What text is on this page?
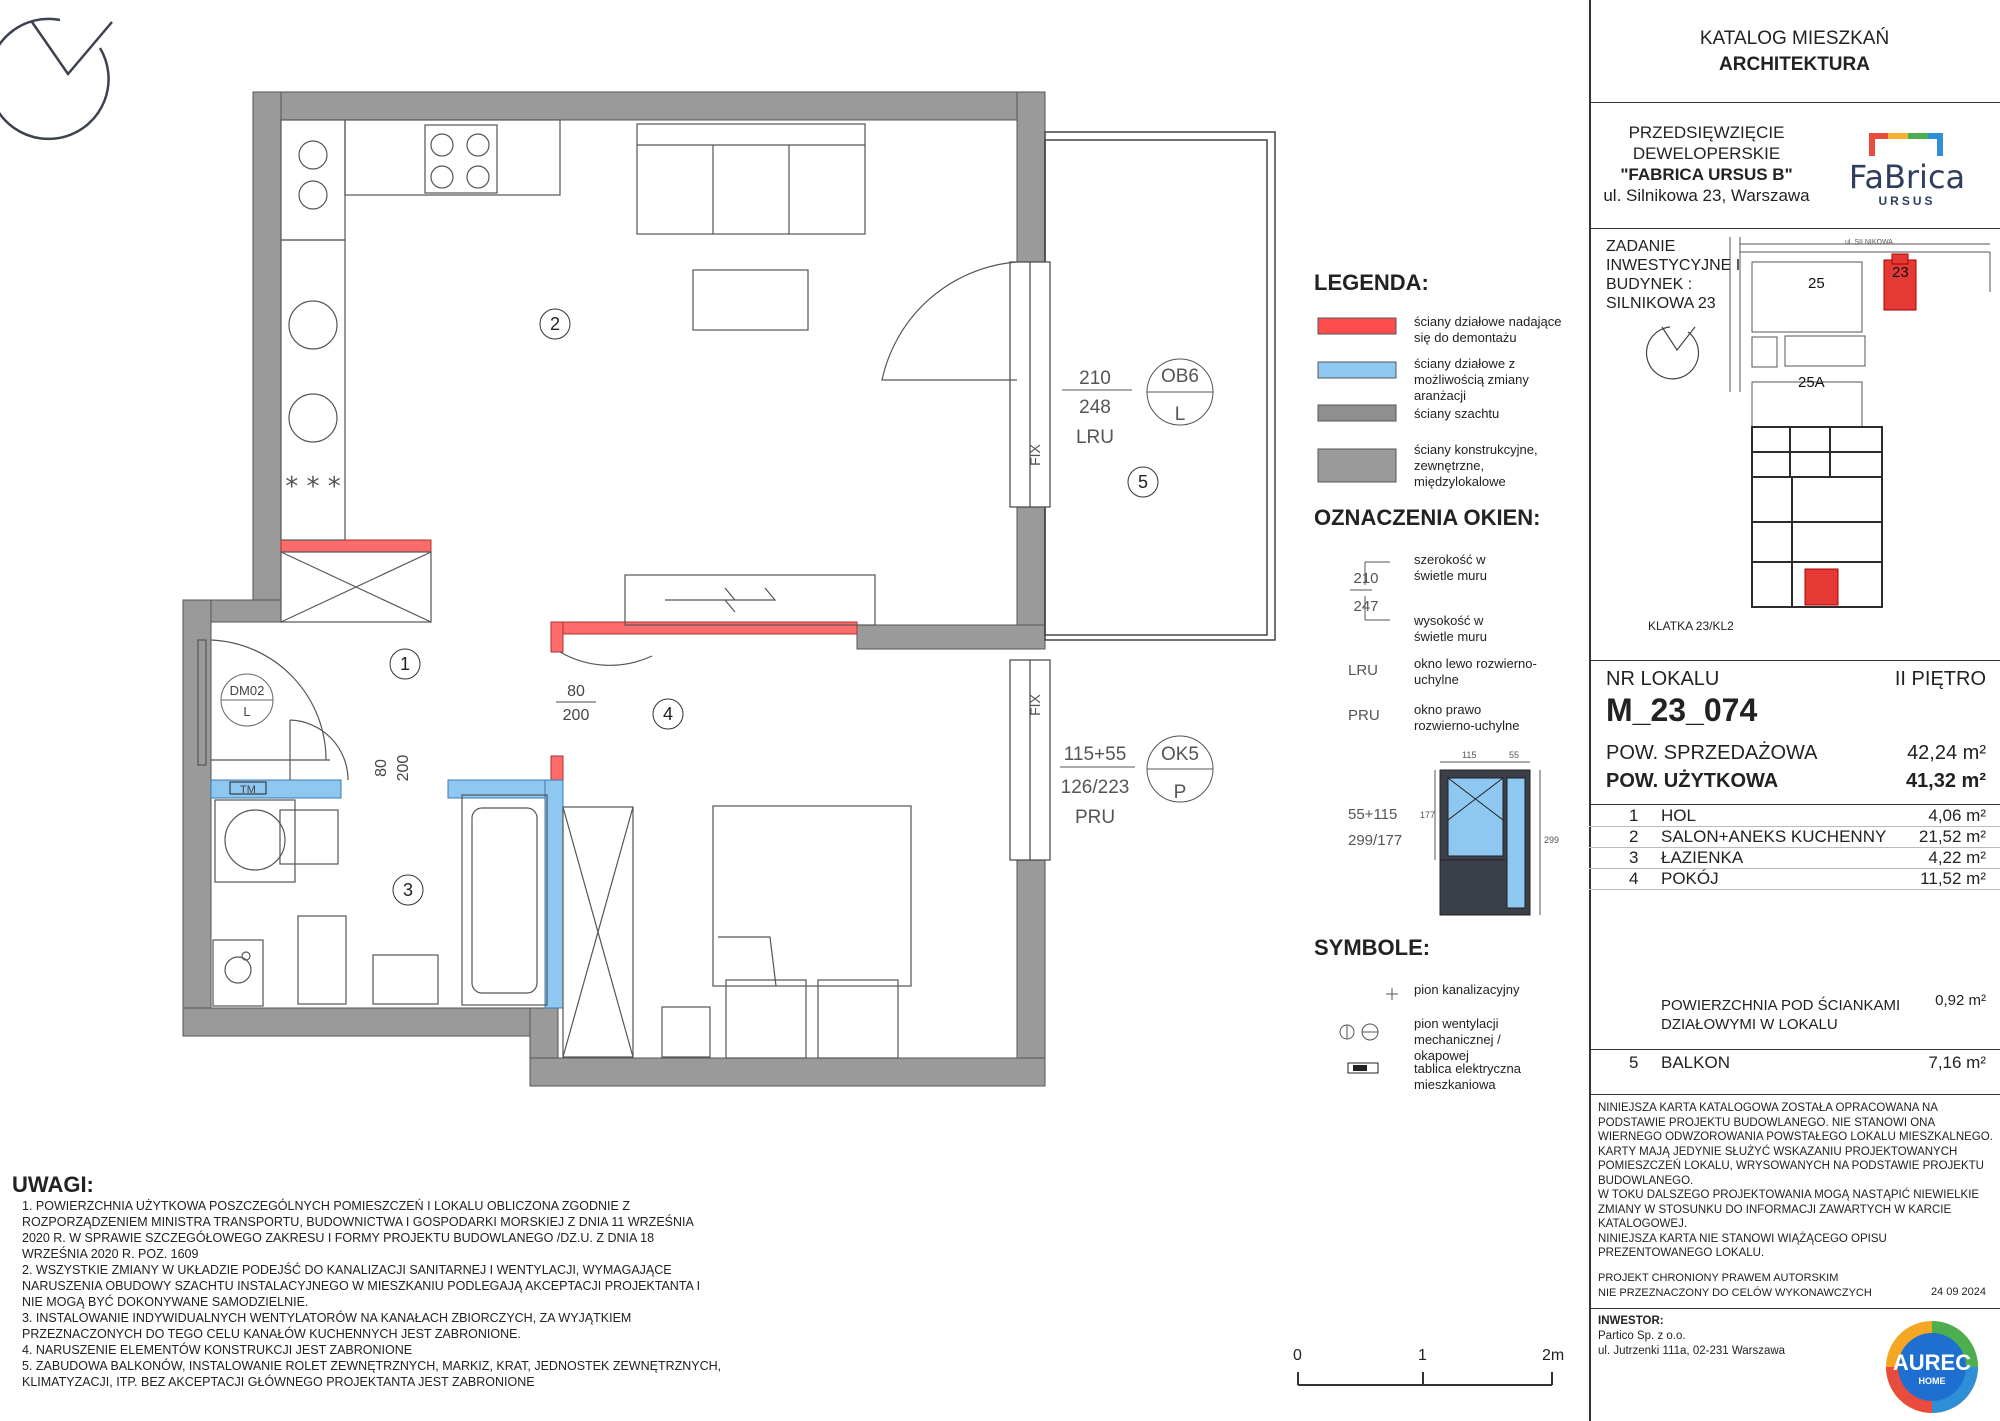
* * *
2
1
3
4
5
210
248
LRU
OB6
L
115+55
126/223
PRU
OK5
P
FIX
FIX
80
200
80 200
DM02
L
TM
210
247
szerokość w świetle muru
wysokość w świetle muru
LRU	okno lewo rozwierno-uchylne
PRU	okno prawo rozwierno-uchylne
55+115
299/177
115	55
177
299
LEGENDA:
ściany działowe nadające się do demontażu
ściany działowe z możliwością zmiany aranżacji
ściany szachtu
ściany konstrukcyjne, zewnętrzne, międzylokalowe
OZNACZENIA OKIEN:
SYMBOLE:
pion kanalizacyjny
pion wentylacji mechanicznej / okapowej
tablica elektryczna mieszkaniowa
0	1	2m
UWAGI:
1. POWIERZCHNIA UŻYTKOWA POSZCZEGÓLNYCH POMIESZCZEŃ I LOKALU OBLICZONA ZGODNIE Z ROZPORZĄDZENIEM MINISTRA TRANSPORTU, BUDOWNICTWA I GOSPODARKI MORSKIEJ Z DNIA 11 WRZEŚNIA 2020 R. W SPRAWIE SZCZEGÓŁOWEGO ZAKRESU I FORMY PROJEKTU BUDOWLANEGO /DZ.U. Z DNIA 18 WRZEŚNIA 2020 R. POZ. 1609
2. WSZYSTKIE ZMIANY W UKŁADZIE PODEJŚĆ DO KANALIZACJI SANITARNEJ I WENTYLACJI, WYMAGAJĄCE NARUSZENIA OBUDOWY SZACHTU INSTALACYJNEGO W MIESZKANIU PODLEGAJĄ AKCEPTACJI PROJEKTANTA I NIE MOGĄ BYĆ DOKONYWANE SAMODZIELNIE.
3. INSTALOWANIE INDYWIDUALNYCH WENTYLATORÓW NA KANAŁACH ZBIORCZYCH, ZA WYJĄTKIEM PRZEZNACZONYCH DO TEGO CELU KANAŁÓW KUCHENNYCH JEST ZABRONIONE.
4. NARUSZENIE ELEMENTÓW KONSTRUKCJI JEST ZABRONIONE
5. ZABUDOWA BALKONÓW, INSTALOWANIE ROLET ZEWNĘTRZNYCH, MARKIZ, KRAT, JEDNOSTEK ZEWNĘTRZNYCH, KLIMATYZACJI, ITP. BEZ AKCEPTACJI GŁÓWNEGO PROJEKTANTA JEST ZABRONIONE
KATALOG MIESZKAŃ
ARCHITEKTURA
PRZEDSIĘWZIĘCIE
DEWELOPERSKIE
"FABRICA URSUS B"
ul. Silnikowa 23, Warszawa	FaBrica
URSUS
ZADANIE
INWESTYCYJNE I
BUDYNEK :
SILNIKOWA 23
ul. SILNIKOWA
23
25
25A
KLATKA 23/KL2
NR LOKALU	II PIĘTRO
M_23_074
POW. SPRZEDAŻOWA	42,24 m²
POW. UŻYTKOWA	41,32 m²
1 HOL	4,06 m²
2 SALON+ANEKS KUCHENNY 21,52 m²
3 ŁAZIENKA	4,22 m²
4 POKÓJ	11,52 m²
POWIERZCHNIA POD ŚCIANKAMI
DZIAŁOWYMI W LOKALU
0,92 m²
5 BALKON	7,16 m²

NINIEJSZA KARTA KATALOGOWA ZOSTAŁA OPRACOWANA NA PODSTAWIE PROJEKTU BUDOWLANEGO. NIE STANOWI ONA WIERNEGO ODWZOROWANIA POWSTAŁEGO LOKALU MIESZKALNEGO. KARTY MAJĄ JEDYNIE SŁUŻYĆ WSKAZANIU PROJEKTOWANYCH POMIESZCZEŃ LOKALU, WRYSOWANYCH NA PODSTAWIE PROJEKTU BUDOWLANEGO.

W TOKU DALSZEGO PROJEKTOWANIA MOGĄ NASTĄPIĆ NIEWIELKIE ZMIANY W STOSUNKU DO INFORMACJI ZAWARTYCH W KARCIE KATALOGOWEJ.

NINIEJSZA KARTA NIE STANOWI WIĄŻĄCEGO OPISU PREZENTOWANEGO LOKALU.

PROJEKT CHRONIONY PRAWEM AUTORSKIM
NIE PRZEZNACZONY DO CELÓW WYKONAWCZYCH	24 09 2024
INWESTOR:
Partico Sp. z o.o.
ul. Jutrzenki 111a, 02-231 Warszawa	AUREC
HOME
